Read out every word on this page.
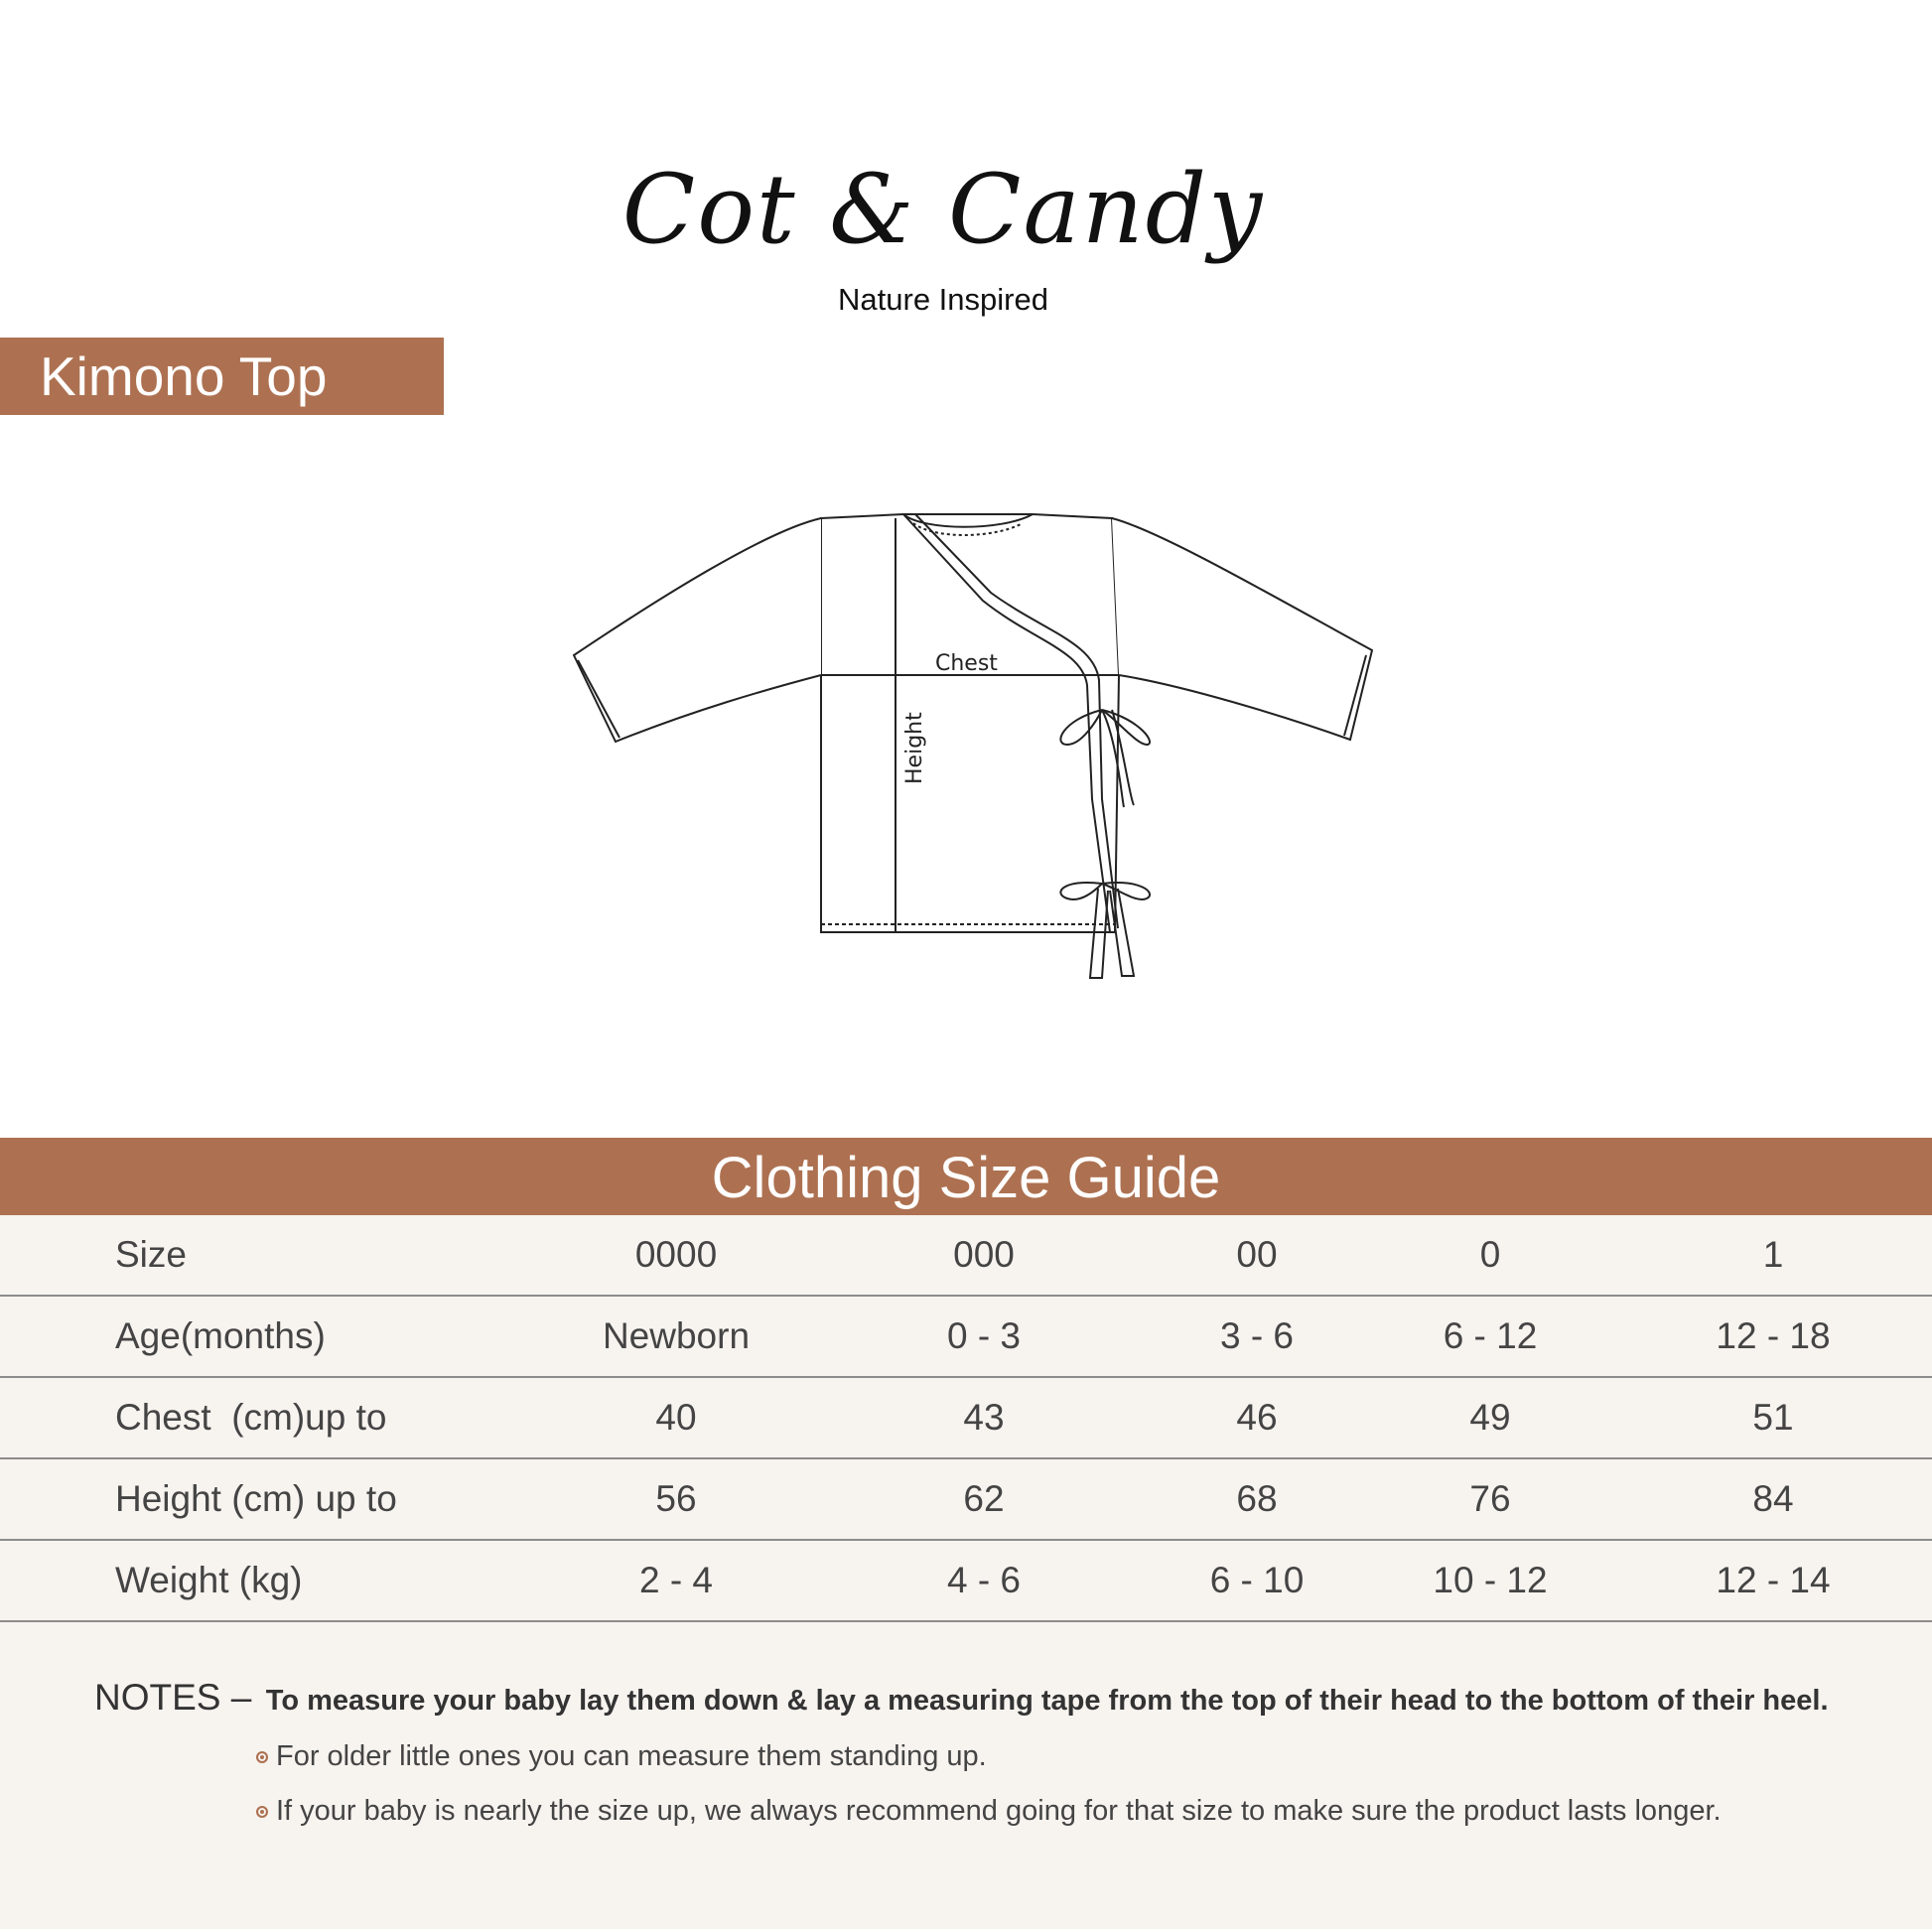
Cot & Candy
Nature Inspired
Kimono Top
Chest
Height
Clothing Size Guide
Size	0000	000	00	0	1
Age(months)	Newborn	0 - 3	3 - 6	6 - 12	12 - 18
Chest  (cm)up to	40	43	46	49	51
Height (cm) up to	56	62	68	76	84
Weight (kg)	2 - 4	4 - 6	6 - 10	10 - 12	12 - 14
NOTES – To measure your baby lay them down & lay a measuring tape from the top of their head to the bottom of their heel.
For older little ones you can measure them standing up.
If your baby is nearly the size up, we always recommend going for that size to make sure the product lasts longer.
